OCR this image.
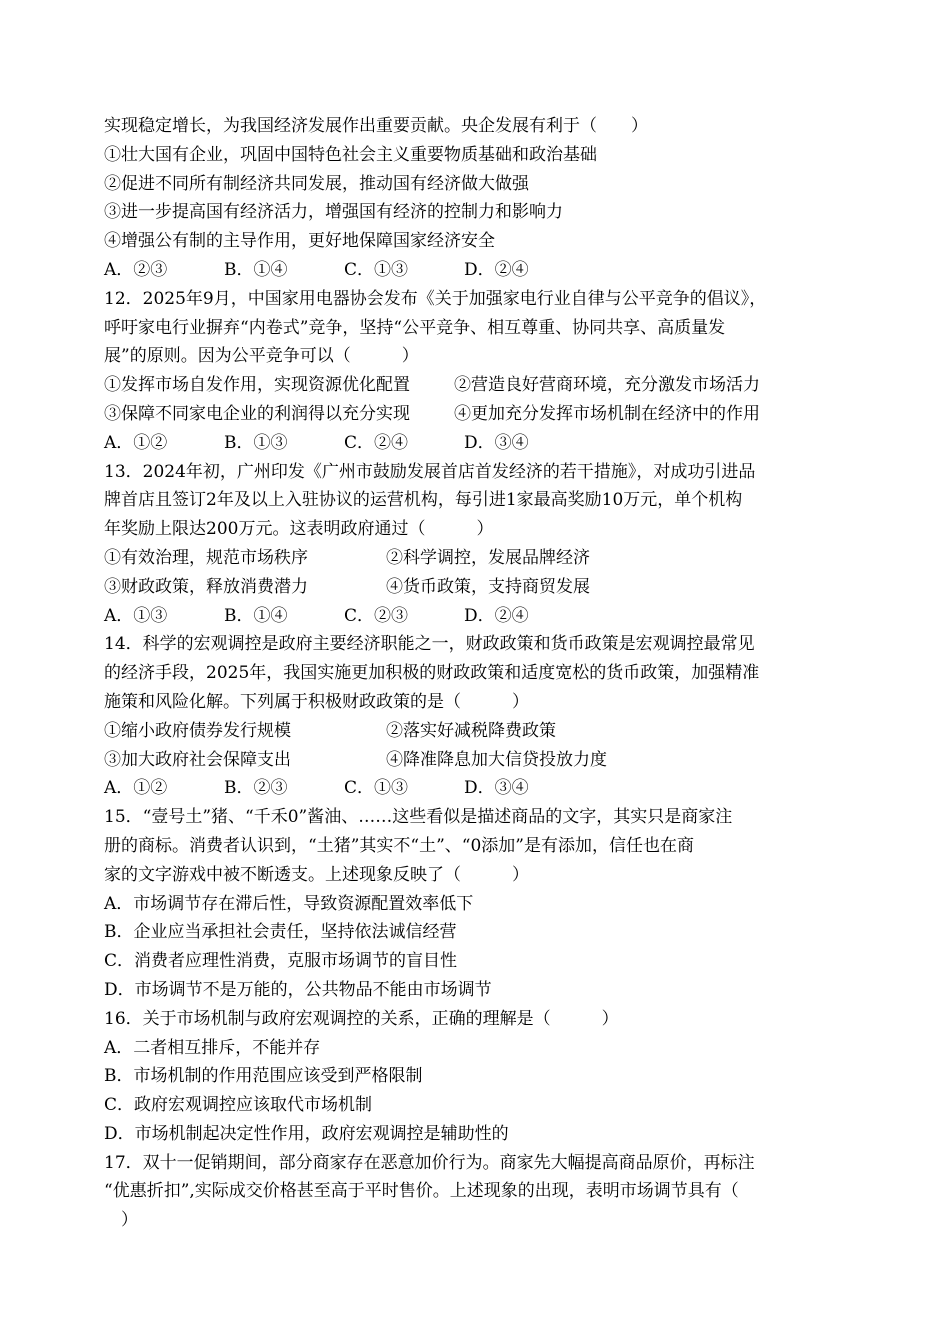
实现稳定增长，为我国经济发展作出重要贡献。央企发展有利于（　　）
①壮大国有企业，巩固中国特色社会主义重要物质基础和政治基础
②促进不同所有制经济共同发展，推动国有经济做大做强
③进一步提高国有经济活力，增强国有经济的控制力和影响力
④增强公有制的主导作用，更好地保障国家经济安全
A．②③	B．①④	C．①③	D．②④
12．2025年9月，中国家用电器协会发布《关于加强家电行业自律与公平竞争的倡议》，
呼吁家电行业摒弃“内卷式”竞争，坚持“公平竞争、相互尊重、协同共享、高质量发
展”的原则。因为公平竞争可以（　　　）
①发挥市场自发作用，实现资源优化配置	②营造良好营商环境，充分激发市场活力
③保障不同家电企业的利润得以充分实现	④更加充分发挥市场机制在经济中的作用
A．①②	B．①③	C．②④	D．③④
13．2024年初，广州印发《广州市鼓励发展首店首发经济的若干措施》，对成功引进品
牌首店且签订2年及以上入驻协议的运营机构，每引进1家最高奖励10万元，单个机构
年奖励上限达200万元。这表明政府通过（　　　）
①有效治理，规范市场秩序	②科学调控，发展品牌经济
③财政政策，释放消费潜力	④货币政策，支持商贸发展
A．①③	B．①④	C．②③	D．②④
14．科学的宏观调控是政府主要经济职能之一，财政政策和货币政策是宏观调控最常见
的经济手段，2025年，我国实施更加积极的财政政策和适度宽松的货币政策，加强精准
施策和风险化解。下列属于积极财政政策的是（　　　）
①缩小政府债券发行规模	②落实好减税降费政策
③加大政府社会保障支出	④降准降息加大信贷投放力度
A．①②	B．②③	C．①③	D．③④
15．“壹号土”猪、“千禾0”酱油、……这些看似是描述商品的文字，其实只是商家注
册的商标。消费者认识到，“土猪”其实不“土”、“0添加”是有添加，信任也在商
家的文字游戏中被不断透支。上述现象反映了（　　　）
A．市场调节存在滞后性，导致资源配置效率低下
B．企业应当承担社会责任，坚持依法诚信经营
C．消费者应理性消费，克服市场调节的盲目性
D．市场调节不是万能的，公共物品不能由市场调节
16．关于市场机制与政府宏观调控的关系，正确的理解是（　　　）
A．二者相互排斥，不能并存
B．市场机制的作用范围应该受到严格限制
C．政府宏观调控应该取代市场机制
D．市场机制起决定性作用，政府宏观调控是辅助性的
17．双十一促销期间，部分商家存在恶意加价行为。商家先大幅提高商品原价，再标注
“优惠折扣”,实际成交价格甚至高于平时售价。上述现象的出现，表明市场调节具有（
　）
